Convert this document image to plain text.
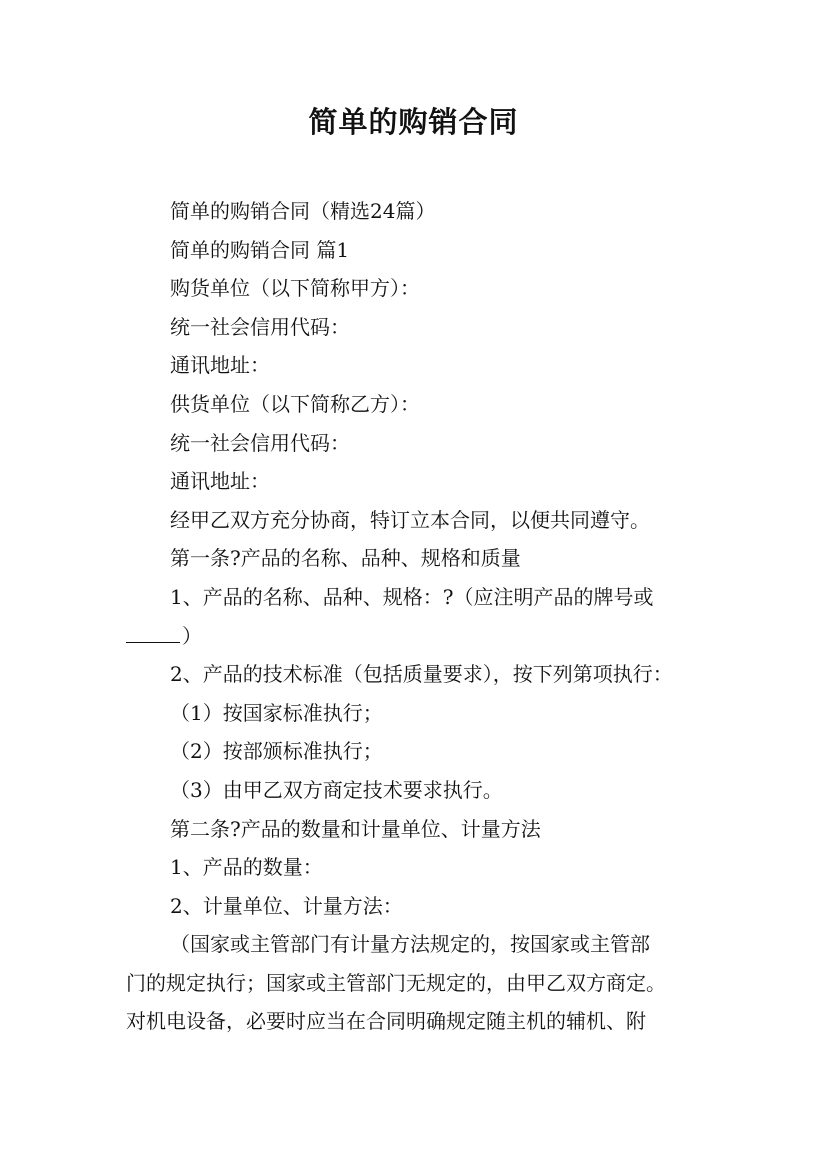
简单的购销合同
简单的购销合同（精选24篇）
简单的购销合同 篇1
购货单位（以下简称甲方）：
统一社会信用代码：
通讯地址：
供货单位（以下简称乙方）：
统一社会信用代码：
通讯地址：
经甲乙双方充分协商，特订立本合同，以便共同遵守。
第一条?产品的名称、品种、规格和质量
1、产品的名称、品种、规格：?（应注明产品的牌号或
）
2、产品的技术标准（包括质量要求），按下列第项执行：
（1）按国家标准执行；
（2）按部颁标准执行；
（3）由甲乙双方商定技术要求执行。
第二条?产品的数量和计量单位、计量方法
1、产品的数量：
2、计量单位、计量方法：
（国家或主管部门有计量方法规定的，按国家或主管部
门的规定执行；国家或主管部门无规定的，由甲乙双方商定。
对机电设备，必要时应当在合同明确规定随主机的辅机、附
